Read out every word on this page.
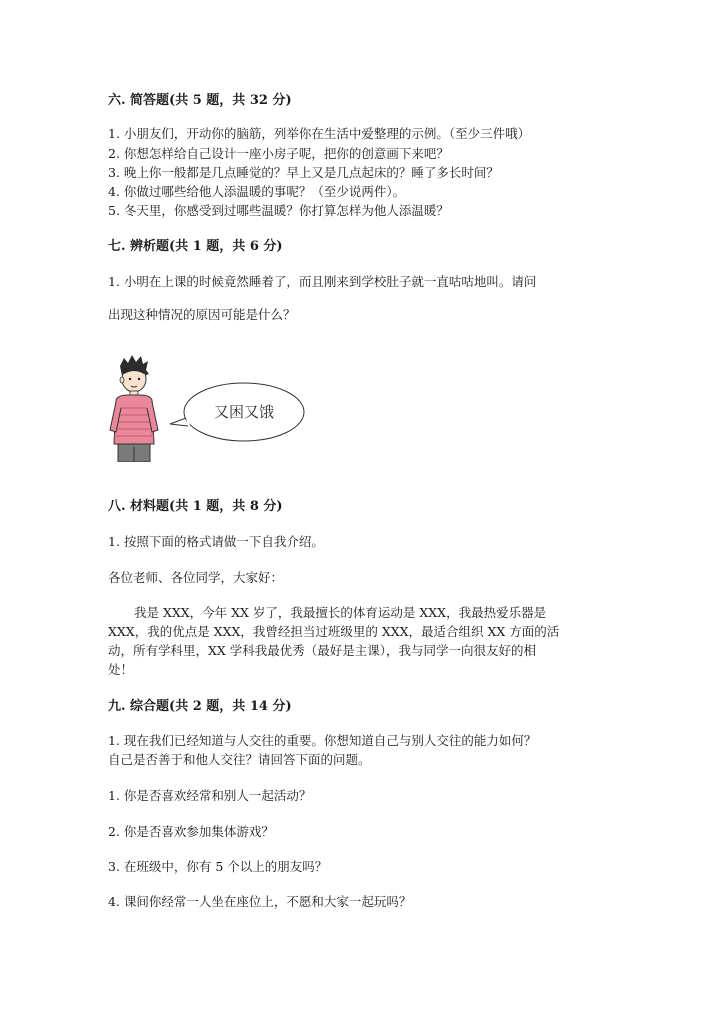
六. 简答题(共 5 题，共 32 分)
1. 小朋友们，开动你的脑筋，列举你在生活中爱整理的示例。（至少三件哦）
2. 你想怎样给自己设计一座小房子呢，把你的创意画下来吧？
3. 晚上你一般都是几点睡觉的？早上又是几点起床的？睡了多长时间？
4. 你做过哪些给他人添温暖的事呢？（至少说两件）。
5. 冬天里，你感受到过哪些温暖？你打算怎样为他人添温暖？
七. 辨析题(共 1 题，共 6 分)
1. 小明在上课的时候竟然睡着了，而且刚来到学校肚子就一直咕咕地叫。请问
出现这种情况的原因可能是什么？
又困又饿
八. 材料题(共 1 题，共 8 分)
1. 按照下面的格式请做一下自我介绍。
各位老师、各位同学，大家好：
我是 XXX，今年 XX 岁了，我最擅长的体育运动是 XXX，我最热爱乐器是
XXX，我的优点是 XXX，我曾经担当过班级里的 XXX，最适合组织 XX 方面的活
动，所有学科里，XX 学科我最优秀（最好是主课），我与同学一向很友好的相
处！
九. 综合题(共 2 题，共 14 分)
1. 现在我们已经知道与人交往的重要。你想知道自己与别人交往的能力如何？
自己是否善于和他人交往？请回答下面的问题。
1. 你是否喜欢经常和别人一起活动？
2. 你是否喜欢参加集体游戏？
3. 在班级中，你有 5 个以上的朋友吗？
4. 课间你经常一人坐在座位上，不愿和大家一起玩吗？
